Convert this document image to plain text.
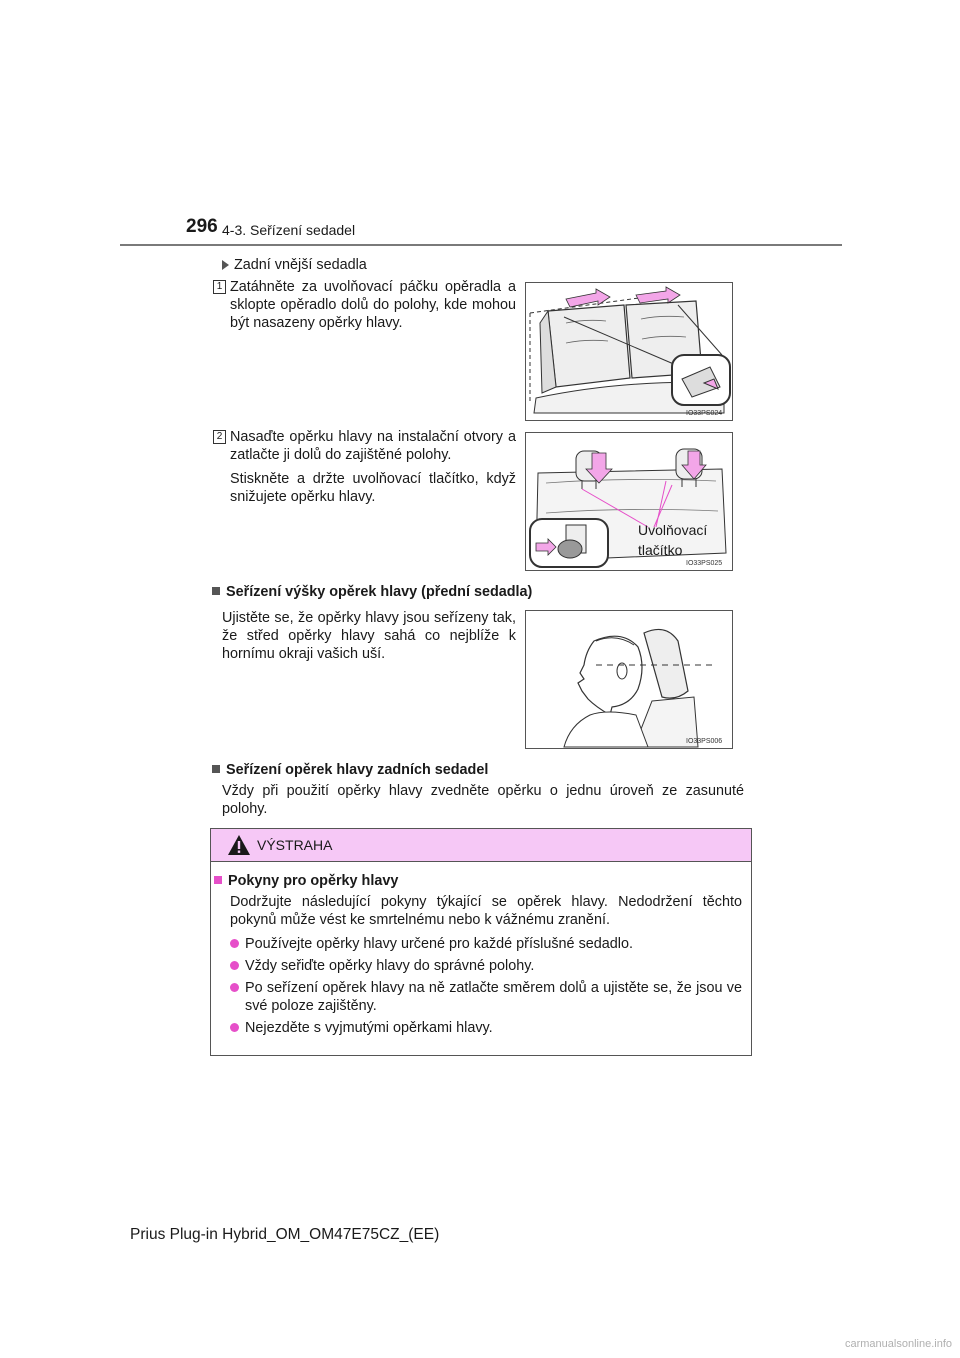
296 4-3. Seřízení sedadel
Zadní vnější sedadla
1 Zatáhněte za uvolňovací páčku opěradla a sklopte opěradlo dolů do polohy, kde mohou být nasazeny opěrky hlavy.
IO33PS024
2 Nasaďte opěrku hlavy na instalační otvory a zatlačte ji dolů do zajištěné polohy.
Stiskněte a držte uvolňovací tlačítko, když snižujete opěrku hlavy.
Uvolňovací
tlačítko
IO33PS025
Seřízení výšky opěrek hlavy (přední sedadla)
Ujistěte se, že opěrky hlavy jsou seřízeny tak, že střed opěrky hlavy sahá co nejblíže k hornímu okraji vašich uší.
IO33PS006
Seřízení opěrek hlavy zadních sedadel
Vždy při použití opěrky hlavy zvedněte opěrku o jednu úroveň ze zasunuté polohy.
VÝSTRAHA
Pokyny pro opěrky hlavy
Dodržujte následující pokyny týkající se opěrek hlavy. Nedodržení těchto pokynů může vést ke smrtelnému nebo k vážnému zranění.
Používejte opěrky hlavy určené pro každé příslušné sedadlo.
Vždy seřiďte opěrky hlavy do správné polohy.
Po seřízení opěrek hlavy na ně zatlačte směrem dolů a ujistěte se, že jsou ve své poloze zajištěny.
Nejezděte s vyjmutými opěrkami hlavy.
Prius Plug-in Hybrid_OM_OM47E75CZ_(EE)
carmanualsonline.info
